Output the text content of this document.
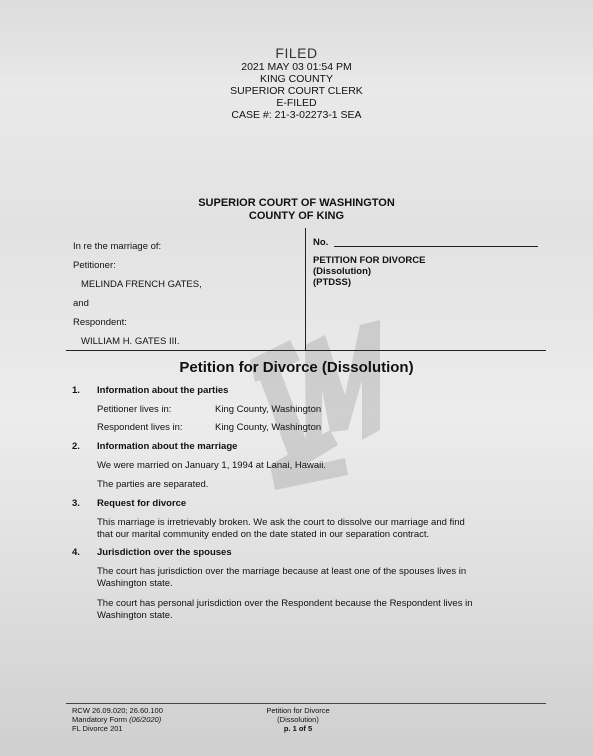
FILED
2021 MAY 03 01:54 PM
KING COUNTY
SUPERIOR COURT CLERK
E-FILED
CASE #: 21-3-02273-1 SEA
SUPERIOR COURT OF WASHINGTON
COUNTY OF KING
In re the marriage of:
Petitioner:
MELINDA FRENCH GATES,
and
Respondent:
WILLIAM H. GATES III.
No.
PETITION FOR DIVORCE
(Dissolution)
(PTDSS)
Petition for Divorce (Dissolution)
1. Information about the parties
Petitioner lives in:	King County, Washington
Respondent lives in:	King County, Washington
2. Information about the marriage
We were married on January 1, 1994 at Lanai, Hawaii.
The parties are separated.
3. Request for divorce
This marriage is irretrievably broken. We ask the court to dissolve our marriage and find
that our marital community ended on the date stated in our separation contract.
4. Jurisdiction over the spouses
The court has jurisdiction over the marriage because at least one of the spouses lives in
Washington state.
The court has personal jurisdiction over the Respondent because the Respondent lives in
Washington state.
RCW 26.09.020; 26.60.100
Mandatory Form (06/2020)
FL Divorce 201
Petition for Divorce
(Dissolution)
p. 1 of 5
